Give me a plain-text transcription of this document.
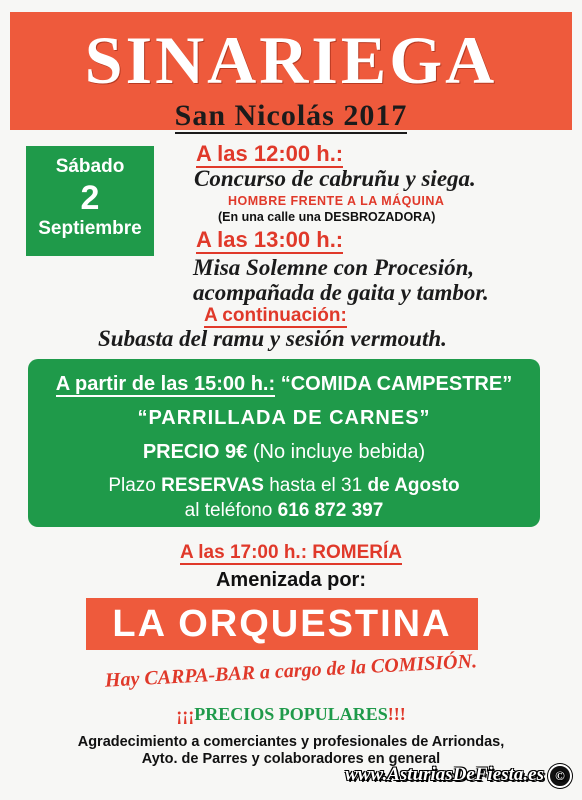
SINARIEGA
San Nicolás 2017
Sábado
2
Septiembre
A las 12:00 h.:
Concurso de cabruñu y siega.
HOMBRE FRENTE A LA MÁQUINA
(En una calle una DESBROZADORA)
A las 13:00 h.:
Misa Solemne con Procesión,
acompañada de gaita y tambor.
A continuación:
Subasta del ramu y sesión vermouth.
A partir de las 15:00 h.: “COMIDA CAMPESTRE”
“PARRILLADA DE CARNES”
PRECIO 9€ (No incluye bebida)
Plazo RESERVAS hasta el 31 de Agosto
al teléfono 616 872 397
A las 17:00 h.: ROMERÍA
Amenizada por:
LA ORQUESTINA
Hay CARPA-BAR a cargo de la COMISIÓN.
¡¡¡PRECIOS POPULARES!!!
Agradecimiento a comerciantes y profesionales de Arriondas,
Ayto. de Parres y colaboradores en general
www.AsturiasDeFiesta.es ©
